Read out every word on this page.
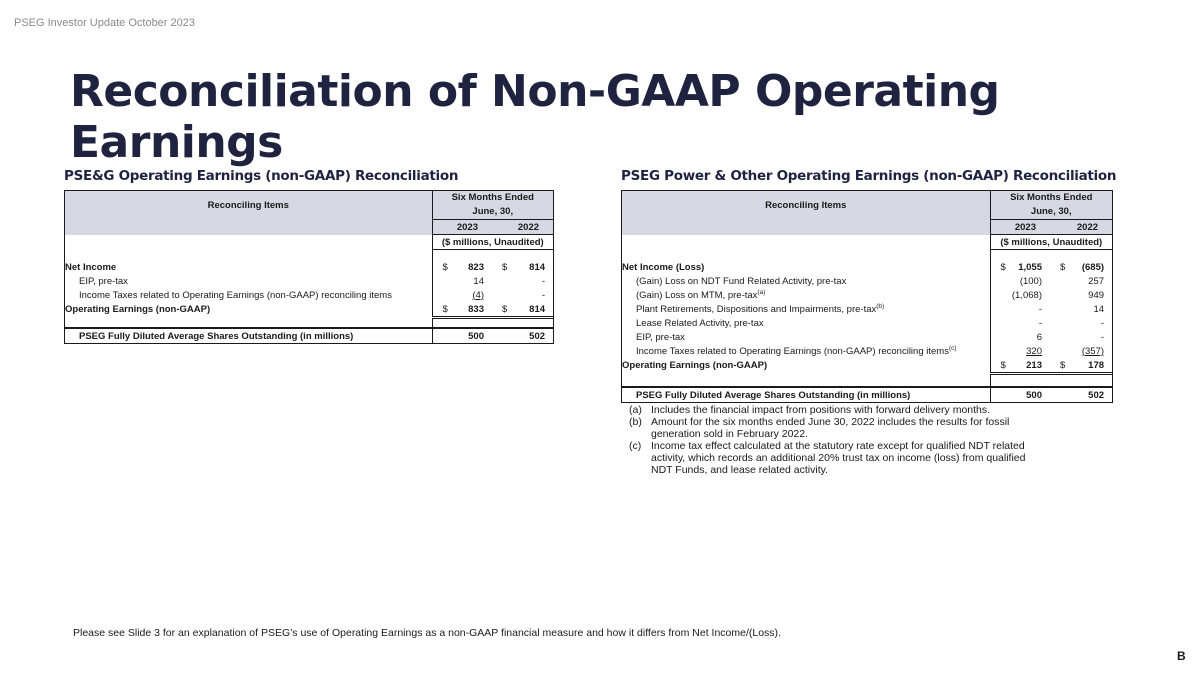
PSEG Investor Update October 2023
Reconciliation of Non-GAAP Operating Earnings
PSE&G Operating Earnings (non-GAAP) Reconciliation
Reconciling Items	Six Months Ended			
	June, 30,			
	2023		2022	
	($ millions, Unaudited)			

Net Income	$	823	$	814
EIP, pre-tax		14		-
Income Taxes related to Operating Earnings (non-GAAP) reconciling items		(4)		-
Operating Earnings (non-GAAP)	$	833	$	814

PSEG Fully Diluted Average Shares Outstanding (in millions)	500		502	
PSEG Power & Other Operating Earnings (non-GAAP) Reconciliation
Reconciling Items	Six Months Ended			
	June, 30,			
	2023		2022	
	($ millions, Unaudited)			

Net Income (Loss)	$	1,055	$	(685)
(Gain) Loss on NDT Fund Related Activity, pre-tax		(100)		257
(Gain) Loss on MTM, pre-tax$^{(a)}$		(1,068)		949
Plant Retirements, Dispositions and Impairments, pre-tax$^{(b)}$		-		14
Lease Related Activity, pre-tax		-		-
EIP, pre-tax		6		-
Income Taxes related to Operating Earnings (non-GAAP) reconciling items$^{(c)}$		320		(357)
Operating Earnings (non-GAAP)	$	213	$	178

PSEG Fully Diluted Average Shares Outstanding (in millions)	500		502	
(a) Includes the financial impact from positions with forward delivery months.
(b) Amount for the six months ended June 30, 2022 includes the results for fossil generation sold in February 2022.
(c) Income tax effect calculated at the statutory rate except for qualified NDT related activity, which records an additional 20% trust tax on income (loss) from qualified NDT Funds, and lease related activity.
Please see Slide 3 for an explanation of PSEG’s use of Operating Earnings as a non-GAAP financial measure and how it differs from Net Income/(Loss).
B
